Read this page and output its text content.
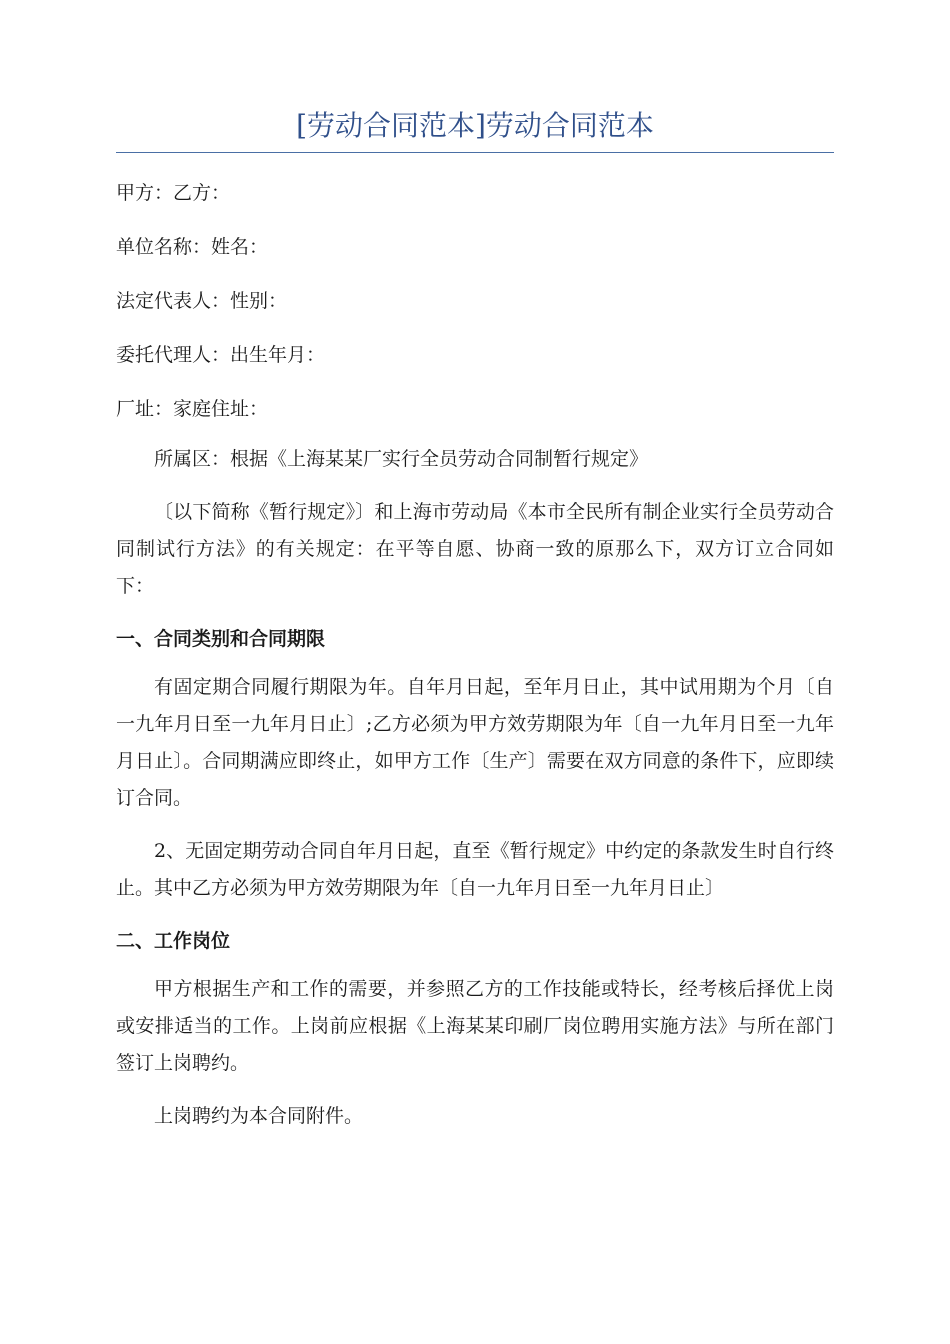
[劳动合同范本]劳动合同范本

甲方：乙方：

单位名称：姓名：

法定代表人：性别：

委托代理人：出生年月：

厂址：家庭住址：

所属区：根据《上海某某厂实行全员劳动合同制暂行规定》

〔以下简称《暂行规定》〕和上海市劳动局《本市全民所有制企业实行全员劳动合同制试行方法》的有关规定：在平等自愿、协商一致的原那么下，双方订立合同如下：

一、合同类别和合同期限

有固定期合同履行期限为年。自年月日起，至年月日止，其中试用期为个月〔自一九年月日至一九年月日止〕;乙方必须为甲方效劳期限为年〔自一九年月日至一九年月日止〕。合同期满应即终止，如甲方工作〔生产〕需要在双方同意的条件下，应即续订合同。

2、无固定期劳动合同自年月日起，直至《暂行规定》中约定的条款发生时自行终止。其中乙方必须为甲方效劳期限为年〔自一九年月日至一九年月日止〕

二、工作岗位

甲方根据生产和工作的需要，并参照乙方的工作技能或特长，经考核后择优上岗或安排适当的工作。上岗前应根据《上海某某印刷厂岗位聘用实施方法》与所在部门签订上岗聘约。

上岗聘约为本合同附件。
